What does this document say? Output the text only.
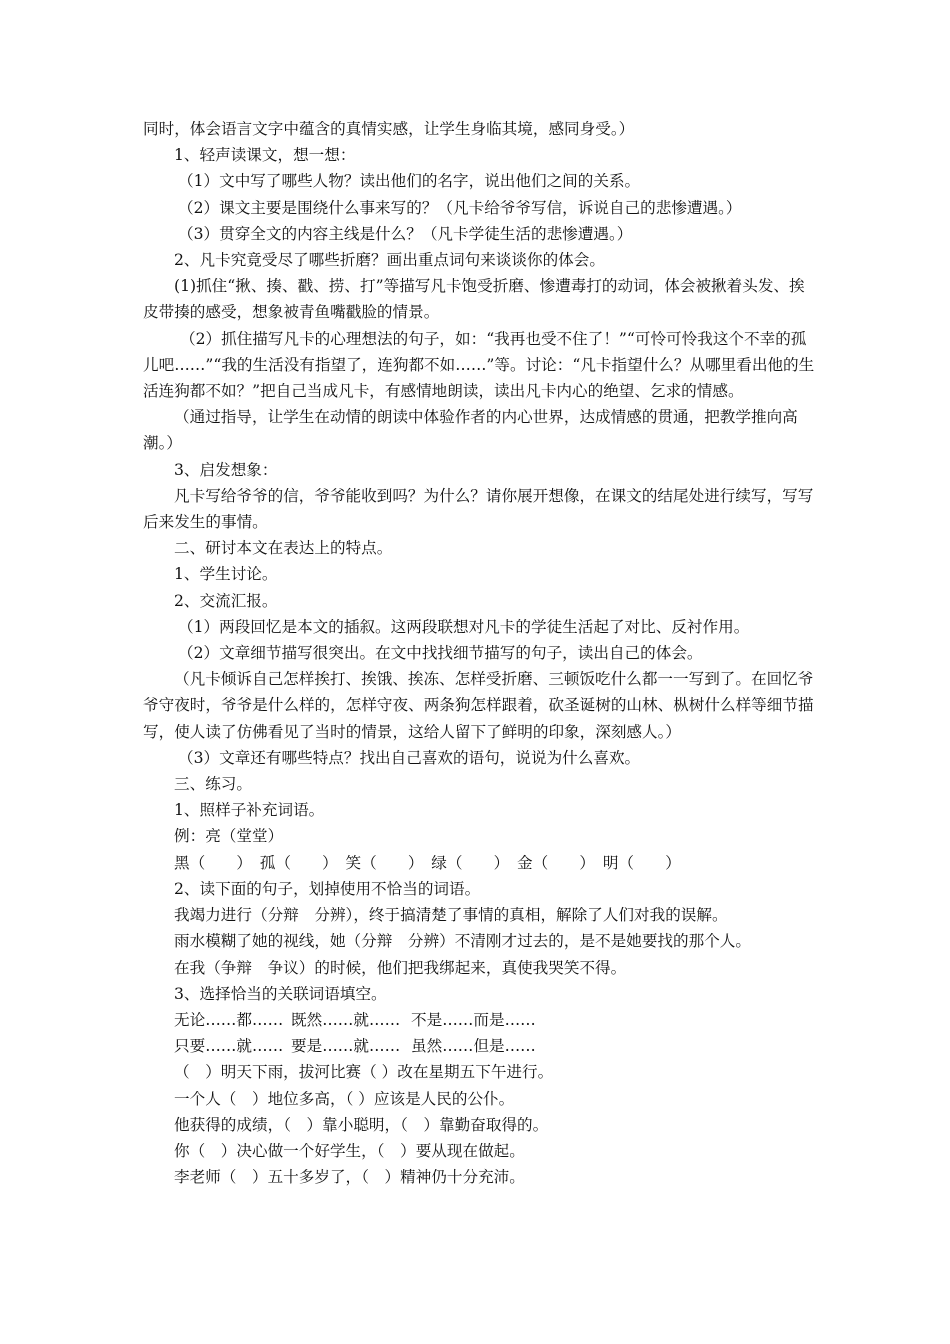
同时，体会语言文字中蕴含的真情实感，让学生身临其境，感同身受。）

1、轻声读课文，想一想：

（1）文中写了哪些人物？读出他们的名字，说出他们之间的关系。

（2）课文主要是围绕什么事来写的？（凡卡给爷爷写信，诉说自己的悲惨遭遇。）

（3）贯穿全文的内容主线是什么？（凡卡学徒生活的悲惨遭遇。）

2、凡卡究竟受尽了哪些折磨？画出重点词句来谈谈你的体会。

(1)抓住“揪、揍、戳、捞、打”等描写凡卡饱受折磨、惨遭毒打的动词，体会被揪着头发、挨皮带揍的感受，想象被青鱼嘴戳脸的情景。

（2）抓住描写凡卡的心理想法的句子，如：“我再也受不住了！”“可怜可怜我这个不幸的孤儿吧……”“我的生活没有指望了，连狗都不如……”等。讨论：“凡卡指望什么？从哪里看出他的生活连狗都不如？”把自己当成凡卡，有感情地朗读，读出凡卡内心的绝望、乞求的情感。

（通过指导，让学生在动情的朗读中体验作者的内心世界，达成情感的贯通，把教学推向高潮。）

3、启发想象：

凡卡写给爷爷的信，爷爷能收到吗？为什么？请你展开想像，在课文的结尾处进行续写，写写后来发生的事情。

二、研讨本文在表达上的特点。

1、学生讨论。

2、交流汇报。

（1）两段回忆是本文的插叙。这两段联想对凡卡的学徒生活起了对比、反衬作用。

（2）文章细节描写很突出。在文中找找细节描写的句子，读出自己的体会。

（凡卡倾诉自己怎样挨打、挨饿、挨冻、怎样受折磨、三顿饭吃什么都一一写到了。在回忆爷爷守夜时，爷爷是什么样的，怎样守夜、两条狗怎样跟着，砍圣诞树的山林、枞树什么样等细节描写，使人读了仿佛看见了当时的情景，这给人留下了鲜明的印象，深刻感人。）

（3）文章还有哪些特点？找出自己喜欢的语句，说说为什么喜欢。

三、练习。

1、照样子补充词语。

例：亮（堂堂）

黑（　　）　孤（　　）　笑（　　）　绿（　　）　金（　　）　明（　　）

2、读下面的句子，划掉使用不恰当的词语。

我竭力进行（分辩　分辨），终于搞清楚了事情的真相，解除了人们对我的误解。

雨水模糊了她的视线，她（分辩　分辨）不清刚才过去的，是不是她要找的那个人。

在我（争辩　争议）的时候，他们把我绑起来，真使我哭笑不得。

3、选择恰当的关联词语填空。

无论……都…… 既然……就…… 不是……而是……
只要……就…… 要是……就…… 虽然……但是……

（　）明天下雨，拔河比赛（ ）改在星期五下午进行。

一个人（　）地位多高，（ ）应该是人民的公仆。

他获得的成绩，（　）靠小聪明，（　）靠勤奋取得的。

你（　）决心做一个好学生，（　）要从现在做起。

李老师（　）五十多岁了，（　）精神仍十分充沛。
